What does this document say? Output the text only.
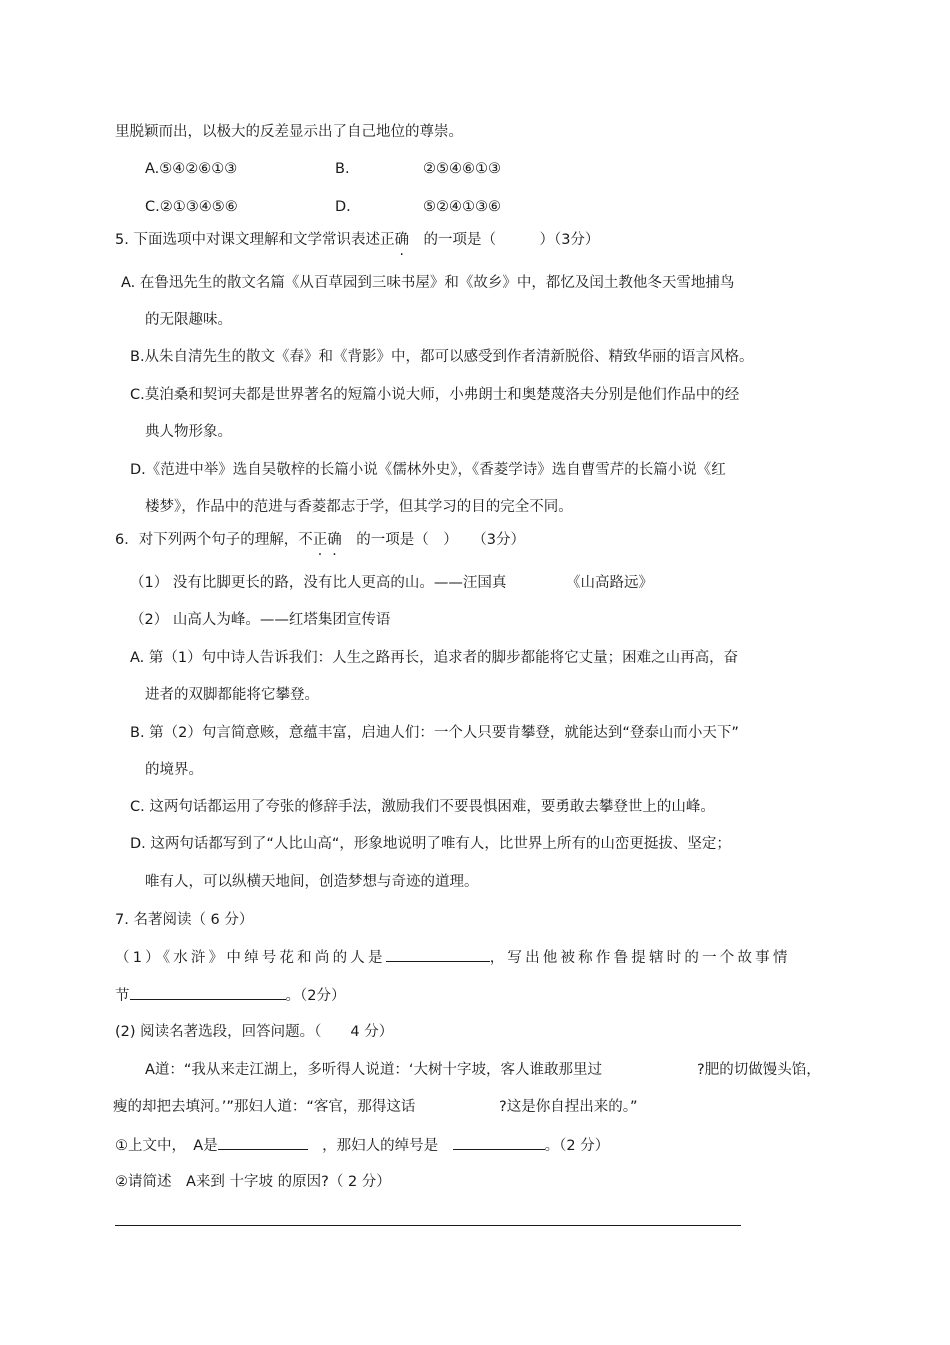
里脱颖而出，以极大的反差显示出了自己地位的尊崇。
A.⑤④②⑥①③	B.	②⑤④⑥①③
C.②①③④⑤⑥	D.	⑤②④①③⑥
5. 下面选项中对课文理解和文学常识表述正确　 的一项是（　　　）（3分）
A. 在鲁迅先生的散文名篇《从百草园到三味书屋》和《故乡》中，都忆及闰土教他冬天雪地捕鸟
的无限趣味。
B.从朱自清先生的散文《春》和《背影》中，都可以感受到作者清新脱俗、精致华丽的语言风格。
C.莫泊桑和契诃夫都是世界著名的短篇小说大师，小弗朗士和奥楚蔑洛夫分别是他们作品中的经
典人物形象。
D.《范进中举》选自吴敬梓的长篇小说《儒林外史》，《香菱学诗》选自曹雪芹的长篇小说《红
楼梦》，作品中的范进与香菱都志于学，但其学习的目的完全不同。
6．对下列两个句子的理解，不正确　 的一项是（　）　　（3分）
（1） 没有比脚更长的路，没有比人更高的山。——汪国真	《山高路远》
（2） 山高人为峰。——红塔集团宣传语
A. 第（1）句中诗人告诉我们：人生之路再长，追求者的脚步都能将它丈量；困难之山再高，奋
进者的双脚都能将它攀登。
B. 第（2）句言简意赅，意蕴丰富，启迪人们：一个人只要肯攀登，就能达到“登泰山而小天下”
的境界。
C. 这两句话都运用了夸张的修辞手法，激励我们不要畏惧困难，要勇敢去攀登世上的山峰。
D. 这两句话都写到了“人比山高“，形象地说明了唯有人，比世界上所有的山峦更挺拔、坚定；
唯有人，可以纵横天地间，创造梦想与奇迹的道理。
7. 名著阅读（ 6 分）
（1）《水浒》中绰号花和尚的人是	，写出他被称作鲁提辖时的一个故事情
节	。（2分）
(2) 阅读名著选段，回答问题。（　　4 分）
A道：“我从来走江湖上，多听得人说道：‘大树十字坡，客人谁敢那里过	?肥的切做馒头馅，
瘦的却把去填河。’”那妇人道：“客官，那得这话	?这是你自捏出来的。”
①上文中，　A是　	，那妇人的绰号是　	。（2 分）
②请简述　A来到 十字坡 的原因?（ 2 分）
